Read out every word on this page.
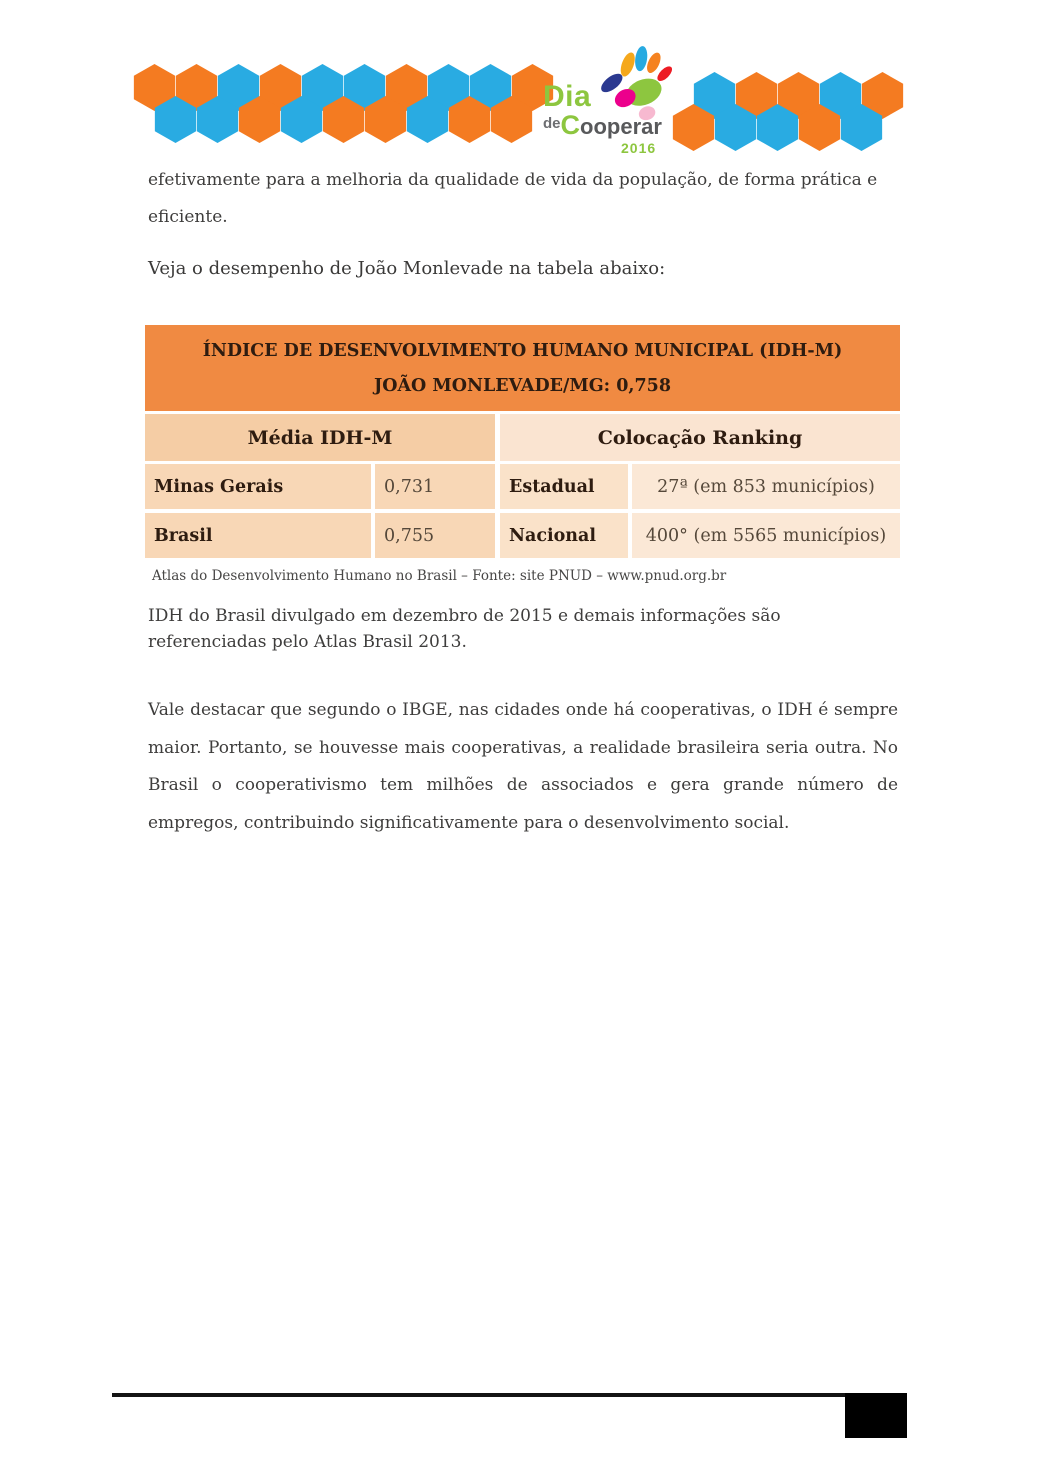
Dia
deCooperar
2016
efetivamente para a melhoria da qualidade de vida da população, de forma prática e eficiente.
Veja o desempenho de João Monlevade na tabela abaixo:
ÍNDICE DE DESENVOLVIMENTO HUMANO MUNICIPAL (IDH-M)
JOÃO MONLEVADE/MG: 0,758
Média IDH-M	Colocação Ranking
Minas Gerais	0,731	Estadual	27ª (em 853 municípios)
Brasil	0,755	Nacional	400° (em 5565 municípios)
Atlas do Desenvolvimento Humano no Brasil – Fonte: site PNUD – www.pnud.org.br
IDH do Brasil divulgado em dezembro de 2015 e demais informações são referenciadas pelo Atlas Brasil 2013.
Vale destacar que segundo o IBGE, nas cidades onde há cooperativas, o IDH é sempre maior. Portanto, se houvesse mais cooperativas, a realidade brasileira seria outra. No Brasil o cooperativismo tem milhões de associados e gera grande número de empregos, contribuindo significativamente para o desenvolvimento social.
